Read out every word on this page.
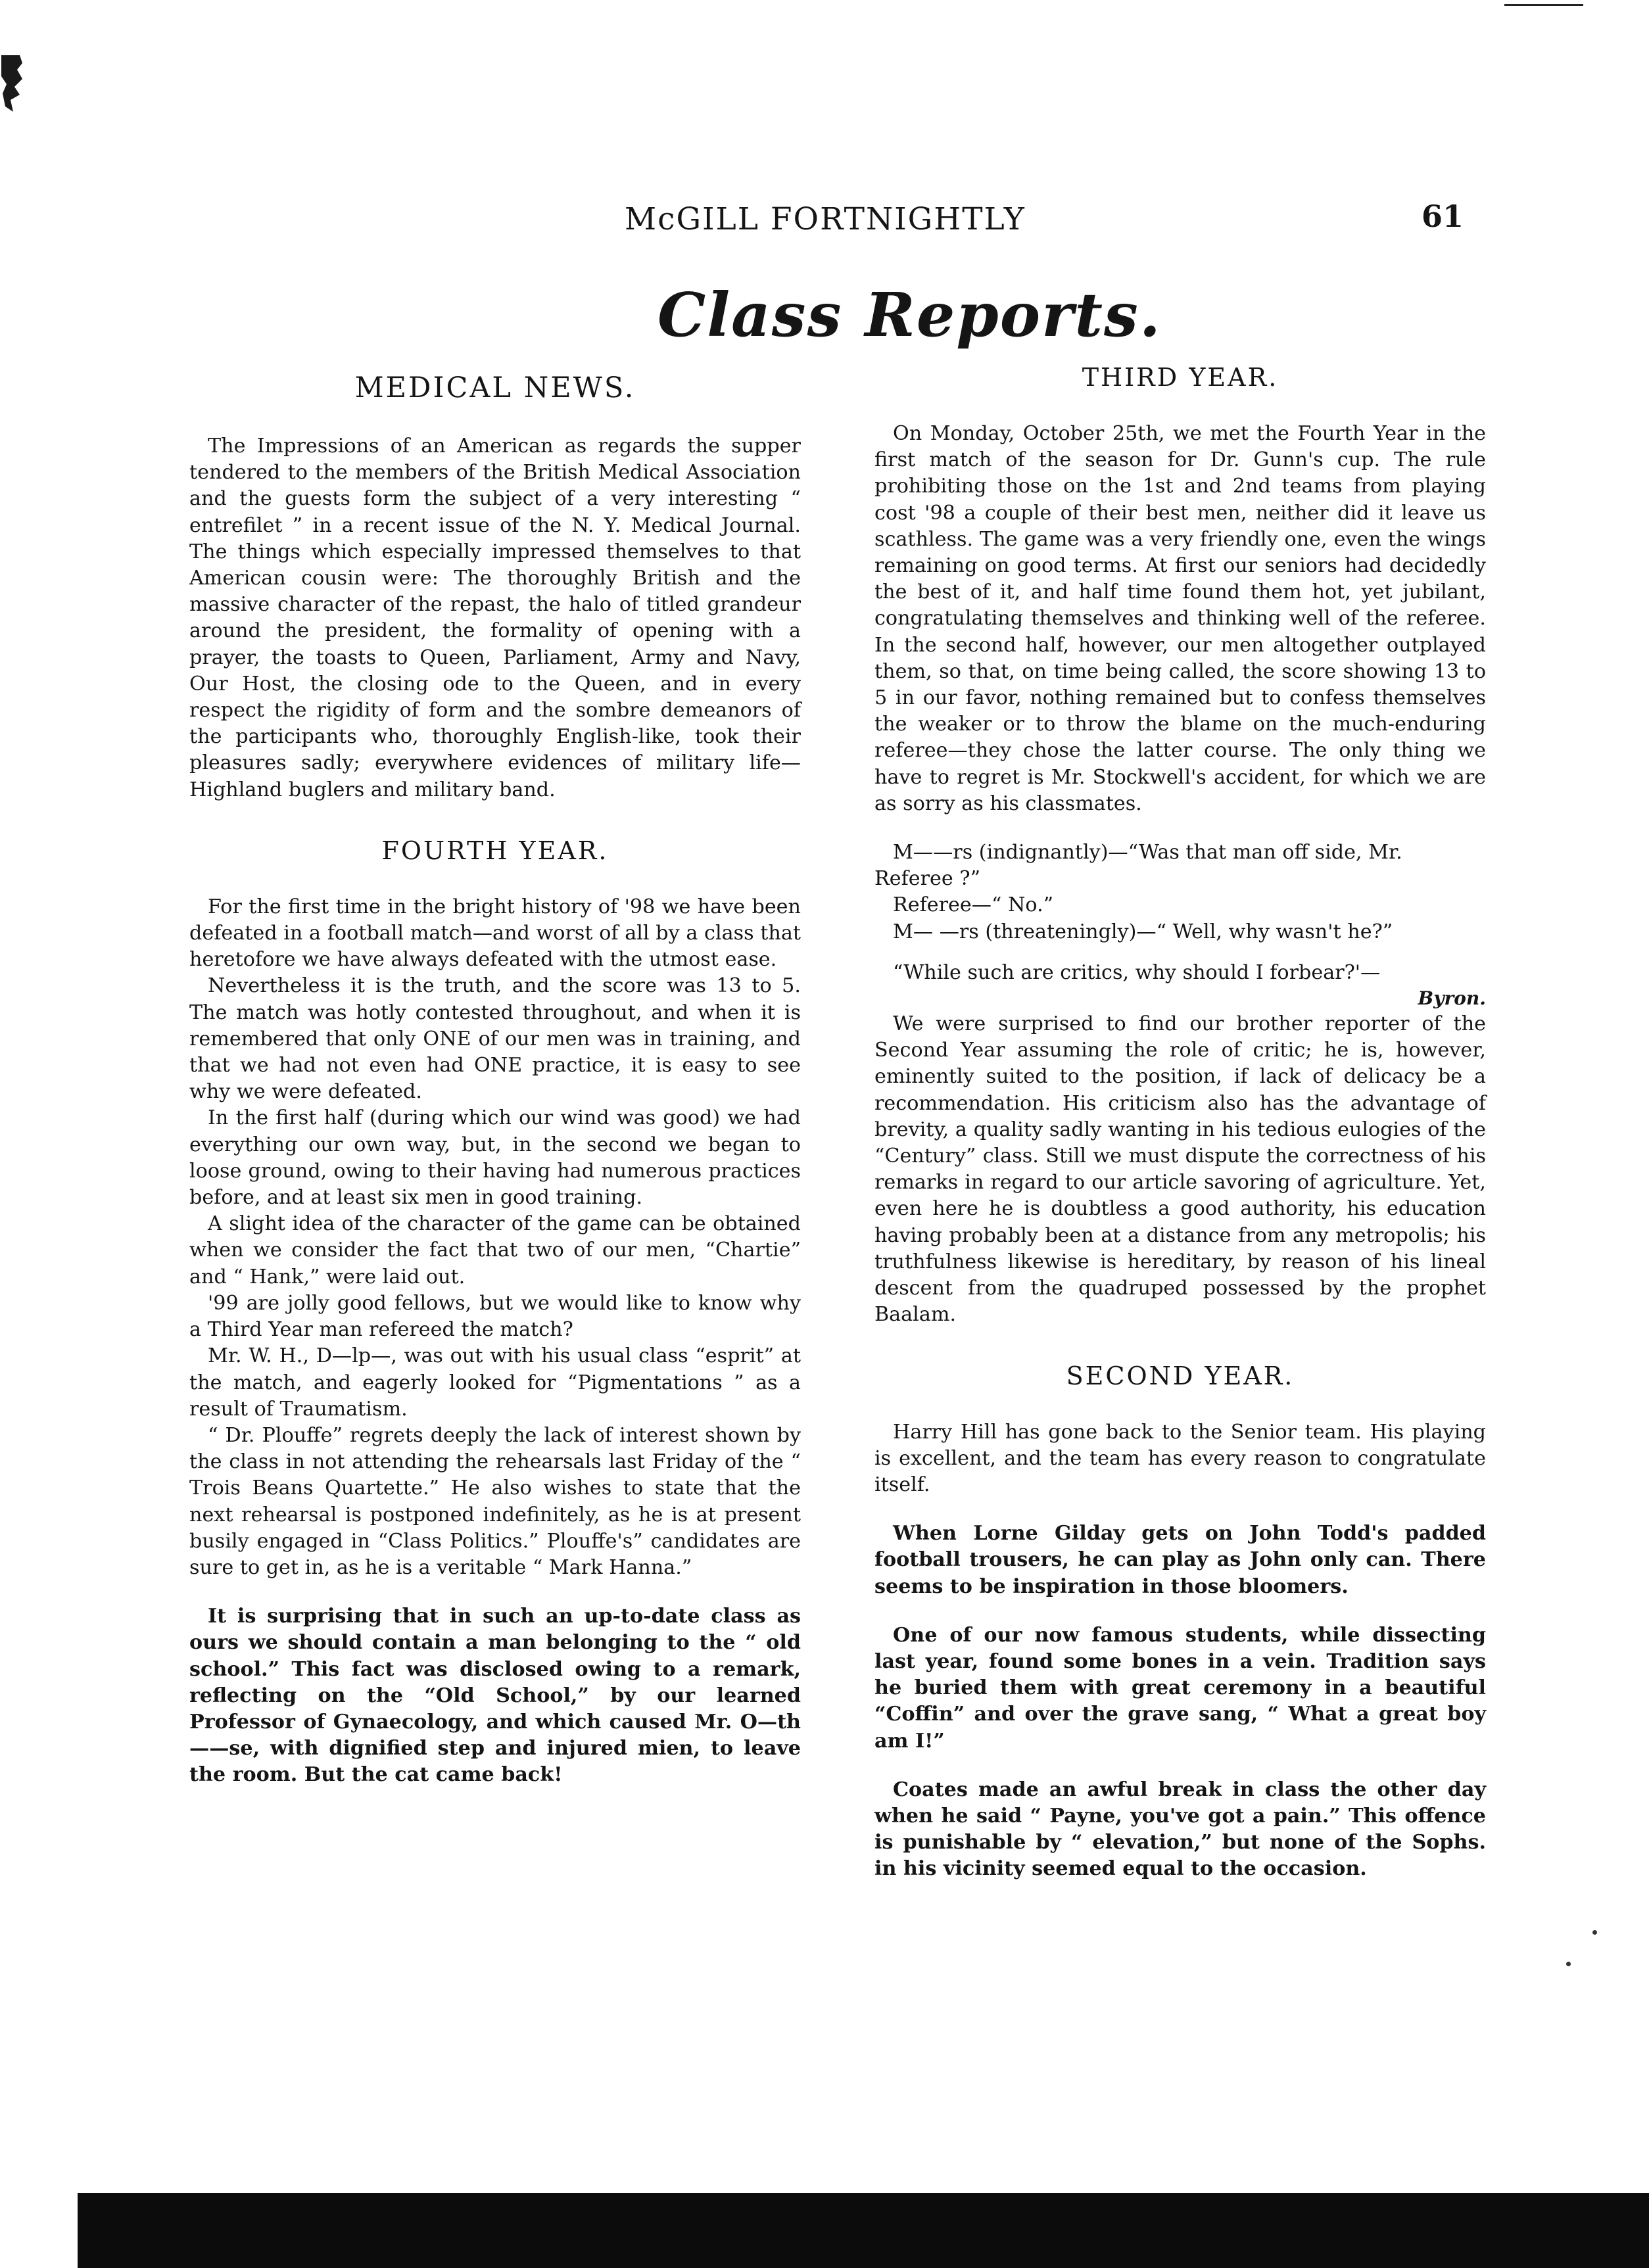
McGILL FORTNIGHTLY	61
Class Reports.
MEDICAL NEWS.

The Impressions of an American as regards the supper tendered to the members of the British Medical Association and the guests form the subject of a very interesting “ entrefilet ” in a recent issue of the N. Y. Medical Journal. The things which especially impressed themselves to that American cousin were: The thoroughly British and the massive character of the repast, the halo of titled grandeur around the president, the formality of opening with a prayer, the toasts to Queen, Parliament, Army and Navy, Our Host, the closing ode to the Queen, and in every respect the rigidity of form and the sombre demeanors of the participants who, thoroughly English-like, took their pleasures sadly; everywhere evidences of military life—Highland buglers and military band.

FOURTH YEAR.

For the first time in the bright history of '98 we have been defeated in a football match—and worst of all by a class that heretofore we have always defeated with the utmost ease.

Nevertheless it is the truth, and the score was 13 to 5. The match was hotly contested throughout, and when it is remembered that only ONE of our men was in training, and that we had not even had ONE practice, it is easy to see why we were defeated.

In the first half (during which our wind was good) we had everything our own way, but, in the second we began to loose ground, owing to their having had numerous practices before, and at least six men in good training.

A slight idea of the character of the game can be obtained when we consider the fact that two of our men, “Chartie” and “ Hank,” were laid out.

'99 are jolly good fellows, but we would like to know why a Third Year man refereed the match?

Mr. W. H., D—lp—, was out with his usual class “esprit” at the match, and eagerly looked for “Pigmentations ” as a result of Traumatism.

“ Dr. Plouffe” regrets deeply the lack of interest shown by the class in not attending the rehearsals last Friday of the “ Trois Beans Quartette.” He also wishes to state that the next rehearsal is postponed indefinitely, as he is at present busily engaged in “Class Politics.” Plouffe's” candidates are sure to get in, as he is a veritable “ Mark Hanna.”

It is surprising that in such an up-to-date class as ours we should contain a man belonging to the “ old school.” This fact was disclosed owing to a remark, reflecting on the “Old School,” by our learned Professor of Gynaecology, and which caused Mr. O—th——se, with dignified step and injured mien, to leave the room. But the cat came back!

THIRD YEAR.

On Monday, October 25th, we met the Fourth Year in the first match of the season for Dr. Gunn's cup. The rule prohibiting those on the 1st and 2nd teams from playing cost '98 a couple of their best men, neither did it leave us scathless. The game was a very friendly one, even the wings remaining on good terms. At first our seniors had decidedly the best of it, and half time found them hot, yet jubilant, congratulating themselves and thinking well of the referee. In the second half, however, our men altogether outplayed them, so that, on time being called, the score showing 13 to 5 in our favor, nothing remained but to confess themselves the weaker or to throw the blame on the much-enduring referee—they chose the latter course. The only thing we have to regret is Mr. Stockwell's accident, for which we are as sorry as his classmates.

M——rs (indignantly)—“Was that man off side, Mr. Referee ?”

Referee—“ No.”

M— —rs (threateningly)—“ Well, why wasn't he?”

“While such are critics, why should I forbear?'—

Byron.

We were surprised to find our brother reporter of the Second Year assuming the role of critic; he is, however, eminently suited to the position, if lack of delicacy be a recommendation. His criticism also has the advantage of brevity, a quality sadly wanting in his tedious eulogies of the “Century” class. Still we must dispute the correctness of his remarks in regard to our article savoring of agriculture. Yet, even here he is doubtless a good authority, his education having probably been at a distance from any metropolis; his truthfulness likewise is hereditary, by reason of his lineal descent from the quadruped possessed by the prophet Baalam.

SECOND YEAR.

Harry Hill has gone back to the Senior team. His playing is excellent, and the team has every reason to congratulate itself.

When Lorne Gilday gets on John Todd's padded football trousers, he can play as John only can. There seems to be inspiration in those bloomers.

One of our now famous students, while dissecting last year, found some bones in a vein. Tradition says he buried them with great ceremony in a beautiful “Coffin” and over the grave sang, “ What a great boy am I!”

Coates made an awful break in class the other day when he said “ Payne, you've got a pain.” This offence is punishable by “ elevation,” but none of the Sophs. in his vicinity seemed equal to the occasion.
